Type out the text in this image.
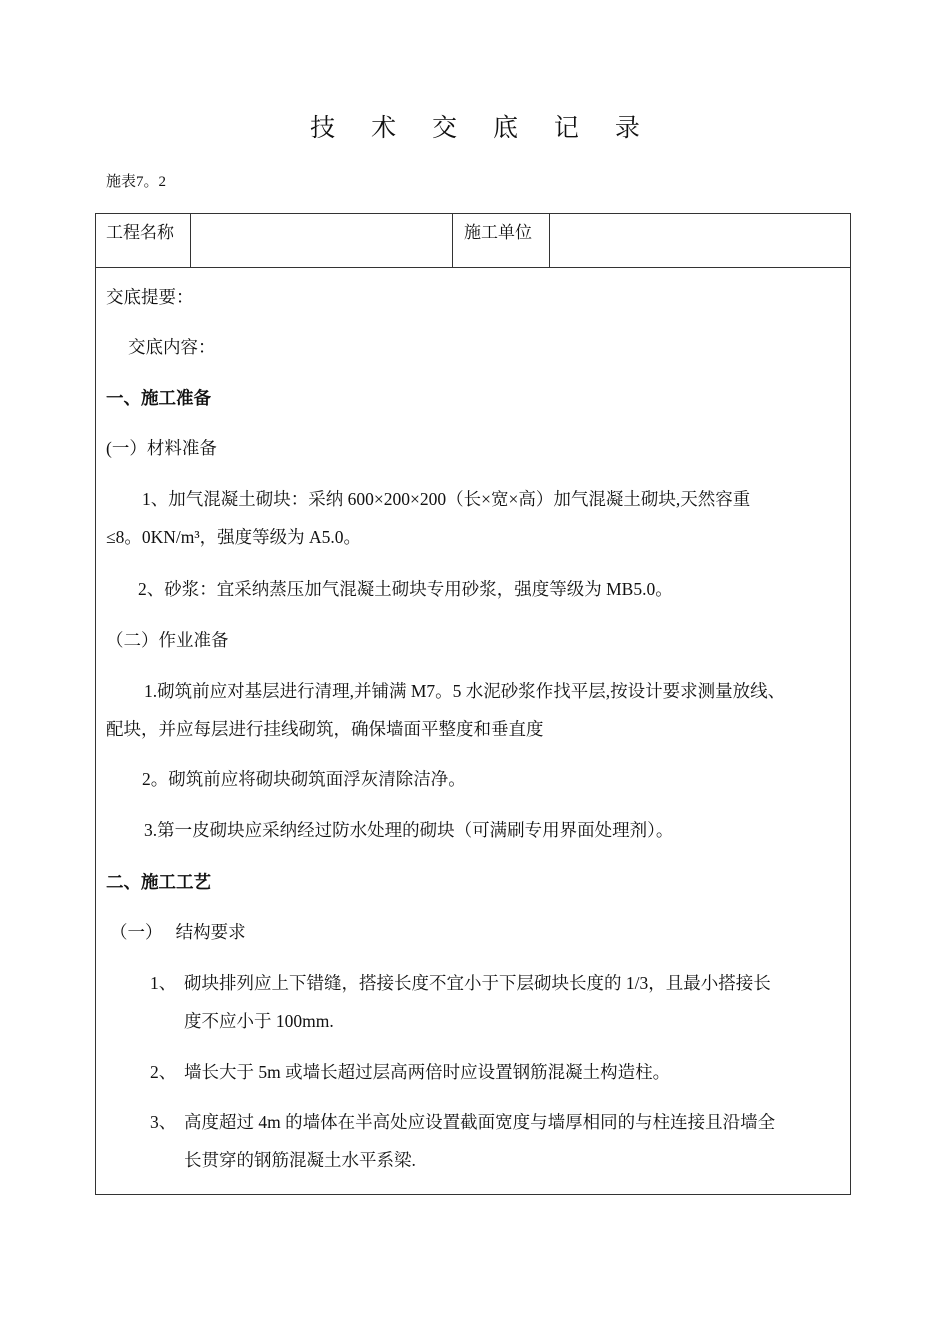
技 术 交 底 记 录
施表7。2
工程名称	施工单位
交底提要：
交底内容：
一、施工准备
(一）材料准备
1、加气混凝土砌块：采纳 600×200×200（长×宽×高）加气混凝土砌块,天然容重
≤8。0KN/m³，强度等级为 A5.0。
2、砂浆：宜采纳蒸压加气混凝土砌块专用砂浆，强度等级为 MB5.0。
（二）作业准备
1.砌筑前应对基层进行清理,并铺满 M7。5 水泥砂浆作找平层,按设计要求测量放线、
配块，并应每层进行挂线砌筑，确保墙面平整度和垂直度
2。砌筑前应将砌块砌筑面浮灰清除洁净。
3.第一皮砌块应采纳经过防水处理的砌块（可满刷专用界面处理剂）。
二、施工工艺
（一）   结构要求
1、 砌块排列应上下错缝，搭接长度不宜小于下层砌块长度的 1/3，且最小搭接长
度不应小于 100mm.
2、 墙长大于 5m 或墙长超过层高两倍时应设置钢筋混凝土构造柱。
3、 高度超过 4m 的墙体在半高处应设置截面宽度与墙厚相同的与柱连接且沿墙全
长贯穿的钢筋混凝土水平系梁.
